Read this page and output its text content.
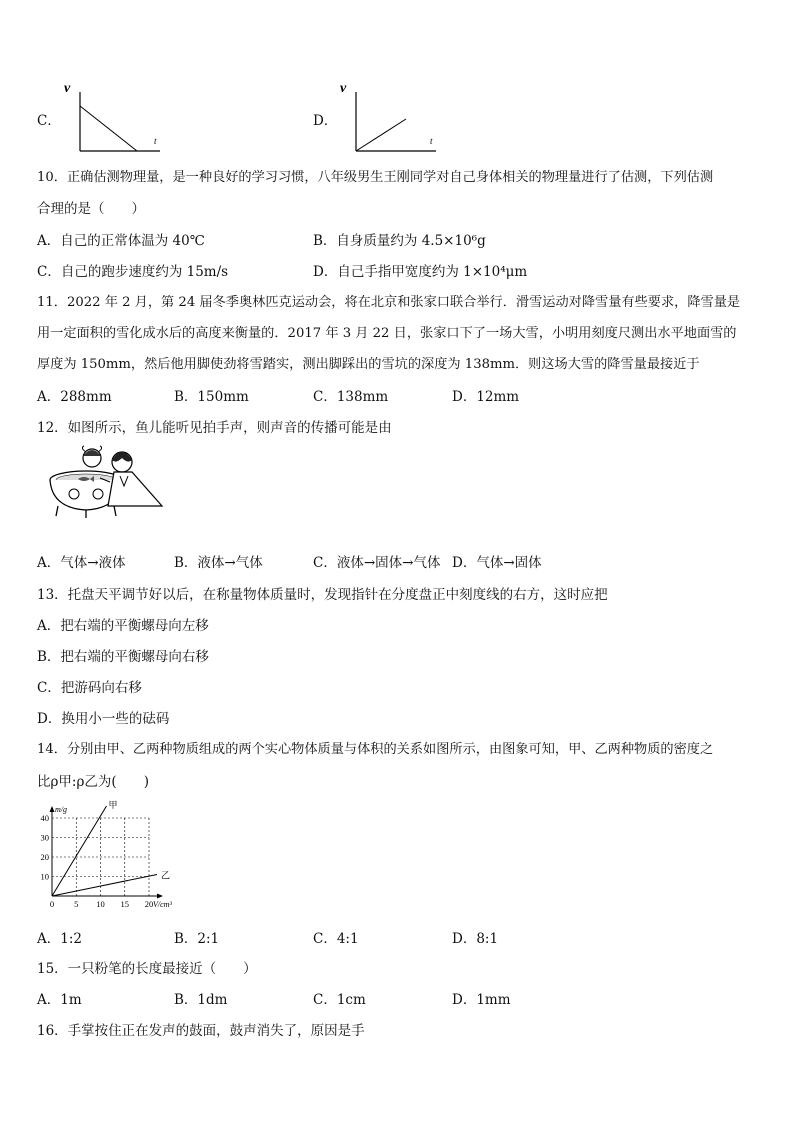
C．
v
t
D．
v
t
10．正确估测物理量，是一种良好的学习习惯，八年级男生王刚同学对自己身体相关的物理量进行了估测，下列估测
合理的是（　　）
A．自己的正常体温为 40℃	B．自身质量约为 4.5×10⁶g
C．自己的跑步速度约为 15m/s	D．自己手指甲宽度约为 1×10⁴μm
11．2022 年 2 月，第 24 届冬季奥林匹克运动会，将在北京和张家口联合举行．滑雪运动对降雪量有些要求，降雪量是
用一定面积的雪化成水后的高度来衡量的．2017 年 3 月 22 日，张家口下了一场大雪，小明用刻度尺测出水平地面雪的
厚度为 150mm，然后他用脚使劲将雪踏实，测出脚踩出的雪坑的深度为 138mm．则这场大雪的降雪量最接近于
A．288mm	B．150mm	C．138mm	D．12mm
12．如图所示，鱼儿能听见拍手声，则声音的传播可能是由
A．气体→液体	B．液体→气体	C．液体→固体→气体 D．气体→固体
13．托盘天平调节好以后，在称量物体质量时，发现指针在分度盘正中刻度线的右方，这时应把
A．把右端的平衡螺母向左移
B．把右端的平衡螺母向右移
C．把游码向右移
D．换用小一些的砝码
14．分别由甲、乙两种物质组成的两个实心物体质量与体积的关系如图所示，由图象可知，甲、乙两种物质的密度之
比ρ甲:ρ乙为(　　)
甲
乙
0 5 10 15 20
10
20
30
40
m/g
V/cm³
A．1:2	B．2:1	C．4:1	D．8:1
15．一只粉笔的长度最接近（　　）
A．1m	B．1dm	C．1cm	D．1mm
16．手掌按住正在发声的鼓面，鼓声消失了，原因是手
